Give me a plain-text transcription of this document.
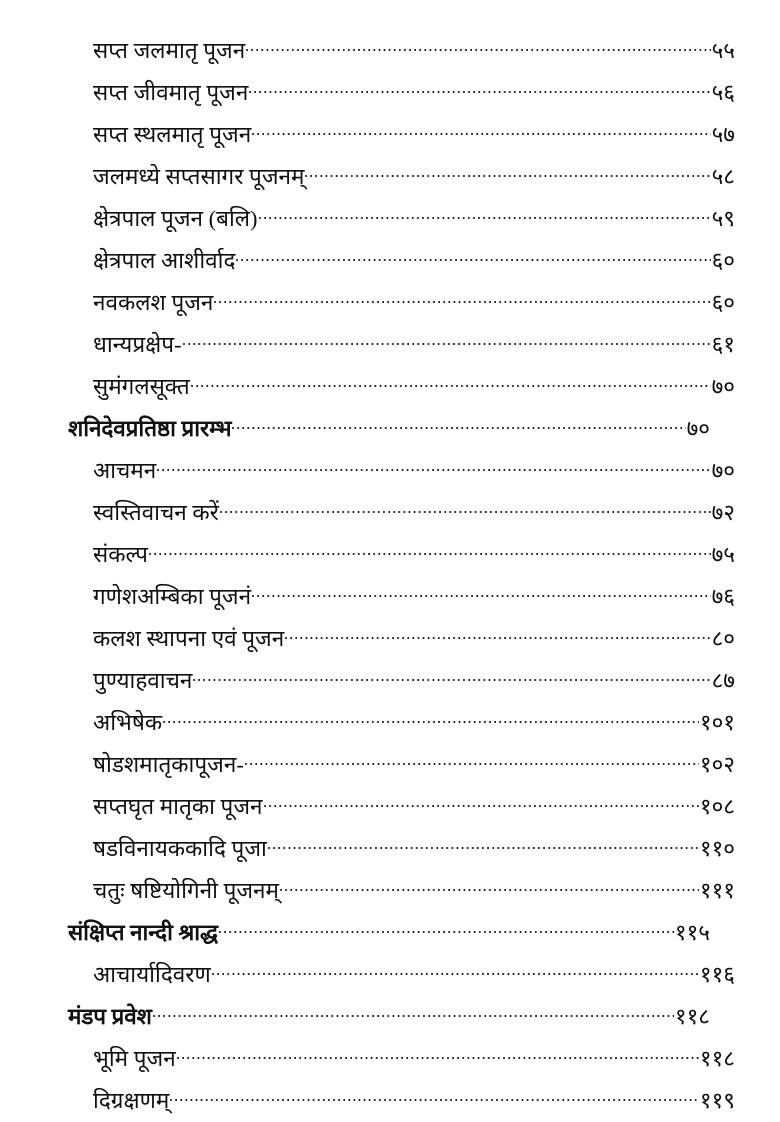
सप्त जलमातृ पूजन	५५
सप्त जीवमातृ पूजन	५६
सप्त स्थलमातृ पूजन	५७
जलमध्ये सप्तसागर पूजनम्	५८
क्षेत्रपाल पूजन (बलि)	५९
क्षेत्रपाल आशीर्वाद	६०
नवकलश पूजन	६०
धान्यप्रक्षेप-	६१
सुमंगलसूक्त	७०
शनिदेवप्रतिष्ठा प्रारम्भ	७०
आचमन	७०
स्वस्तिवाचन करें	७२
संकल्प	७५
गणेशअम्बिका पूजनं	७६
कलश स्थापना एवं पूजन	८०
पुण्याहवाचन	८७
अभिषेक	१०१
षोडशमातृकापूजन-	१०२
सप्तघृत मातृका पूजन	१०८
षडविनायककादि पूजा	११०
चतुः षष्टियोगिनी पूजनम्	१११
संक्षिप्त नान्दी श्राद्ध	११५
आचार्यादिवरण	११६
मंडप प्रवेश	११८
भूमि पूजन	११८
दिग्रक्षणम्	११९
